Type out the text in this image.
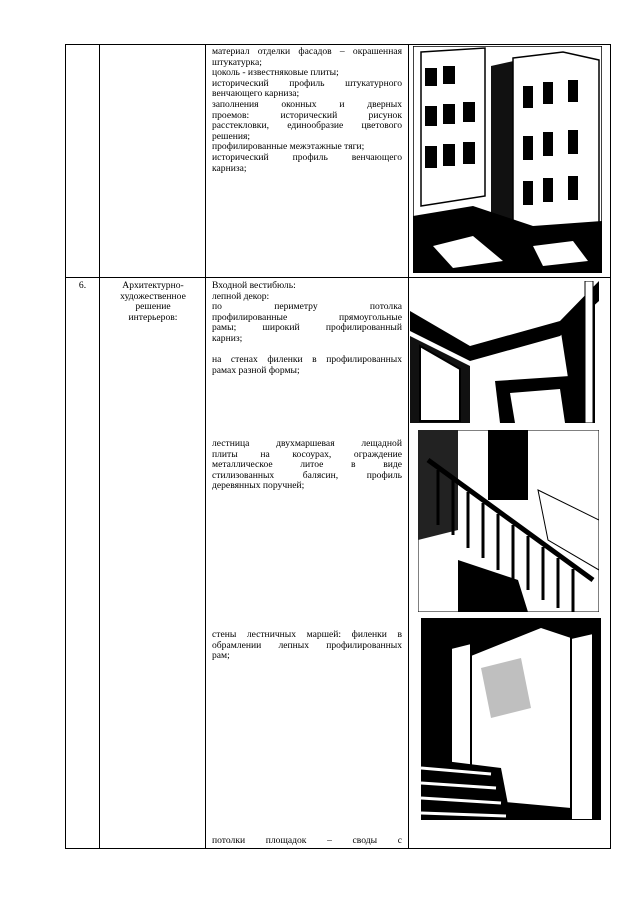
материал отделки фасадов – окрашенная
штукатурка;
цоколь - известняковые плиты;
исторический профиль штукатурного
венчающего карниза;
заполнения оконных и дверных
проемов: исторический рисунок
расстекловки, единообразие цветового
решения;
профилированные межэтажные тяги;
исторический профиль венчающего
карниза;
6.	Архитектурно-
художественное
решение
интерьеров:
Входной вестибюль:
лепной декор:
по периметру потолка
профилированные прямоугольные
рамы; широкий профилированный
карниз;

на стенах филенки в профилированных
рамах разной формы;
лестница двухмаршевая лещадной
плиты на косоурах, ограждение
металлическое литое в виде
стилизованных балясин, профиль
деревянных поручней;
стены лестничных маршей: филенки в
обрамлении лепных профилированных
рам;
потолки площадок – своды с
